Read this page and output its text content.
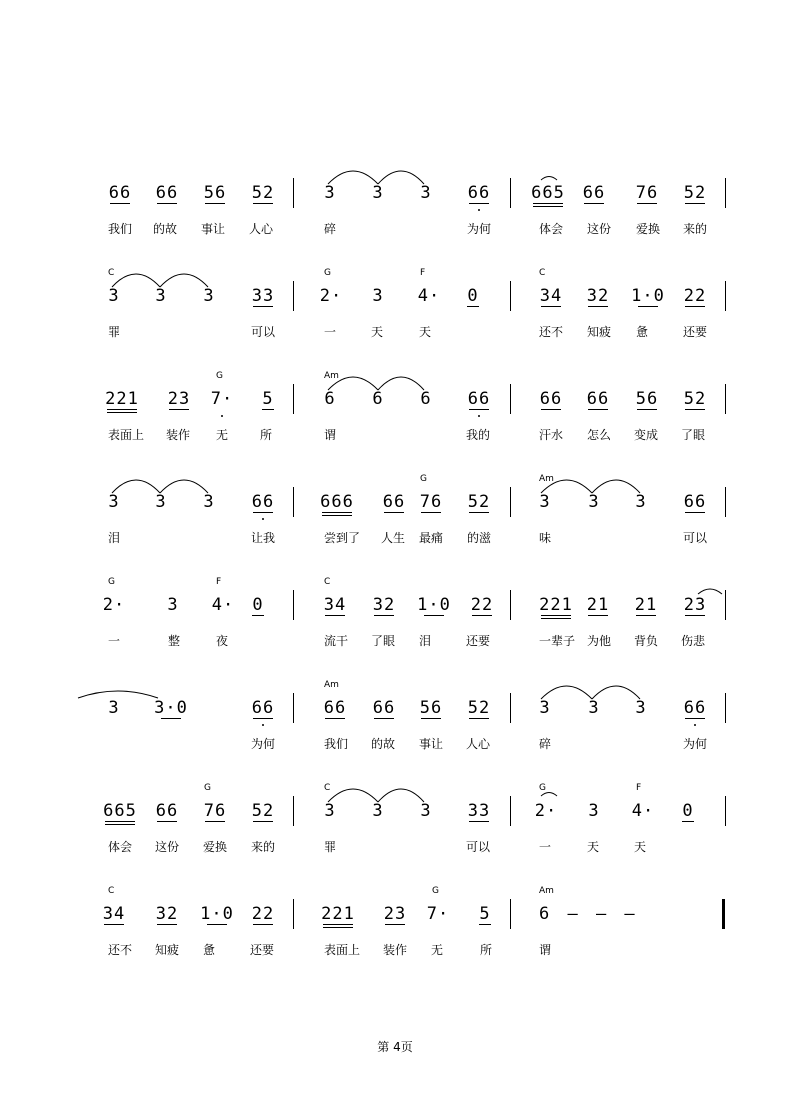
第 4页
66 66 56 52	3 3 3 66 665 66 76 52
我们 的故 事让 人心	碎	为何	体会 这份 爱换 来的
C	G	F	C
3 3 3 33	2· 3 4· 0	34 32 1·0 22
罪	可以	一	天	天	还不 知疲 惫	还要
G	Am
221 23 7· 5	6 6 6 66	66 66 56 52
表面上 装作 无	所	谓	我的	汗水 怎么 变成 了眼
G	Am
3 3 3 66	666 66 76 52	3 3 3 66
泪	让我	尝到了 人生 最痛 的滋	味	可以
G	F	C
2· 3 4· 0	34 32 1·0 22	221 21 21 23
一	整	夜	流干 了眼 泪	还要	一辈子 为他 背负 伤悲
Am
3 3·0	66	66 66 56 52	3 3 3 66
为何	我们 的故 事让 人心	碎	为何
G	C	G	F
665 66 76 52	3 3 3 33	2· 3 4· 0
体会 这份 爱换 来的	罪	可以	一	天	天
C	G	Am
34 32 1·0 22	221 23 7· 5	6 – – –
还不 知疲 惫	还要	表面上 装作 无	所	谓
